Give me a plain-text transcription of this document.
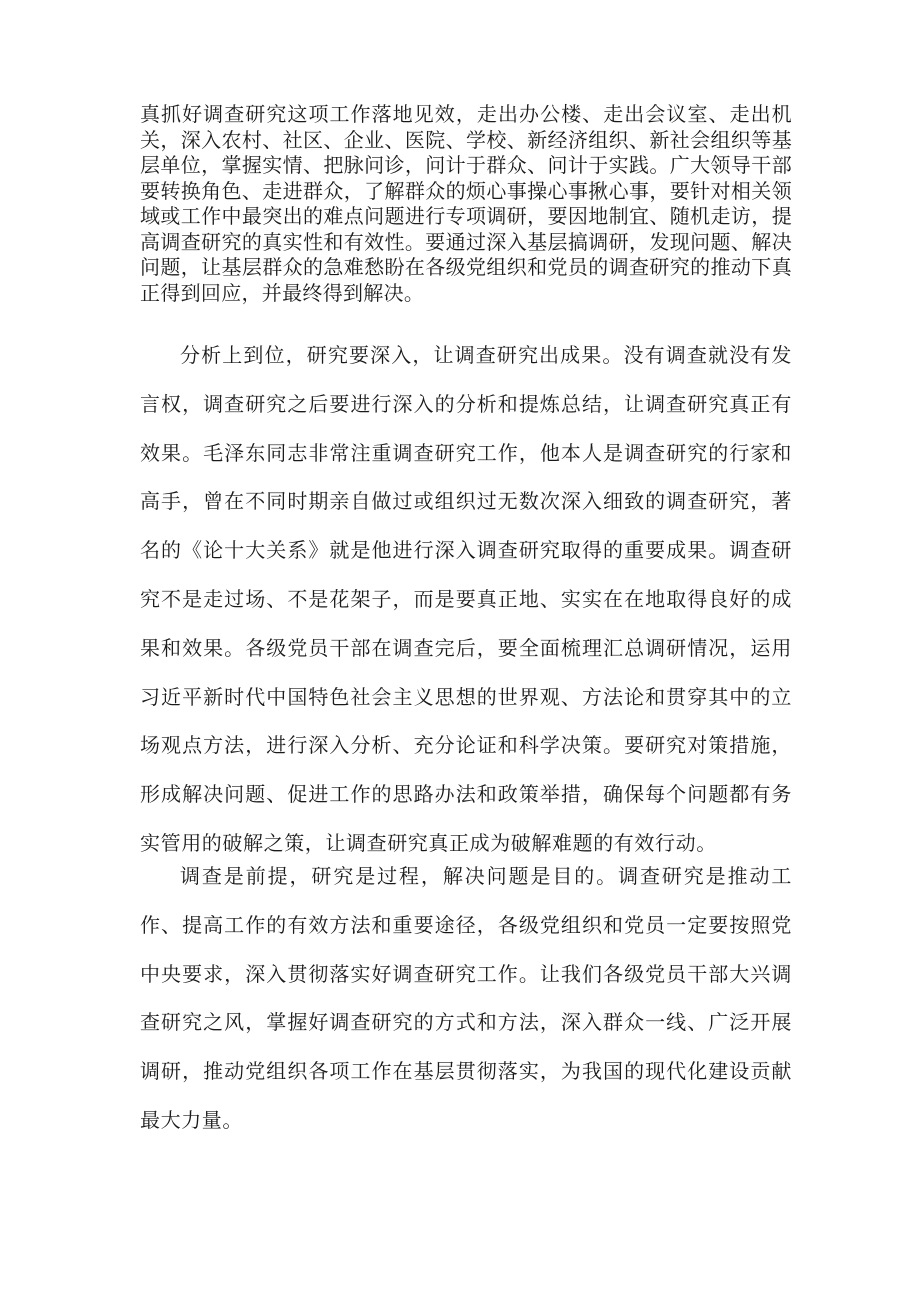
真抓好调查研究这项工作落地见效，走出办公楼、走出会议室、走出机关，深入农村、社区、企业、医院、学校、新经济组织、新社会组织等基层单位，掌握实情、把脉问诊，问计于群众、问计于实践。广大领导干部要转换角色、走进群众，了解群众的烦心事操心事揪心事，要针对相关领域或工作中最突出的难点问题进行专项调研，要因地制宜、随机走访，提高调查研究的真实性和有效性。要通过深入基层搞调研，发现问题、解决问题，让基层群众的急难愁盼在各级党组织和党员的调查研究的推动下真正得到回应，并最终得到解决。

分析上到位，研究要深入，让调查研究出成果。没有调查就没有发言权，调查研究之后要进行深入的分析和提炼总结，让调查研究真正有效果。毛泽东同志非常注重调查研究工作，他本人是调查研究的行家和高手，曾在不同时期亲自做过或组织过无数次深入细致的调查研究，著名的《论十大关系》就是他进行深入调查研究取得的重要成果。调查研究不是走过场、不是花架子，而是要真正地、实实在在地取得良好的成果和效果。各级党员干部在调查完后，要全面梳理汇总调研情况，运用习近平新时代中国特色社会主义思想的世界观、方法论和贯穿其中的立场观点方法，进行深入分析、充分论证和科学决策。要研究对策措施，形成解决问题、促进工作的思路办法和政策举措，确保每个问题都有务实管用的破解之策，让调查研究真正成为破解难题的有效行动。

调查是前提，研究是过程，解决问题是目的。调查研究是推动工作、提高工作的有效方法和重要途径，各级党组织和党员一定要按照党中央要求，深入贯彻落实好调查研究工作。让我们各级党员干部大兴调查研究之风，掌握好调查研究的方式和方法，深入群众一线、广泛开展调研，推动党组织各项工作在基层贯彻落实，为我国的现代化建设贡献最大力量。
